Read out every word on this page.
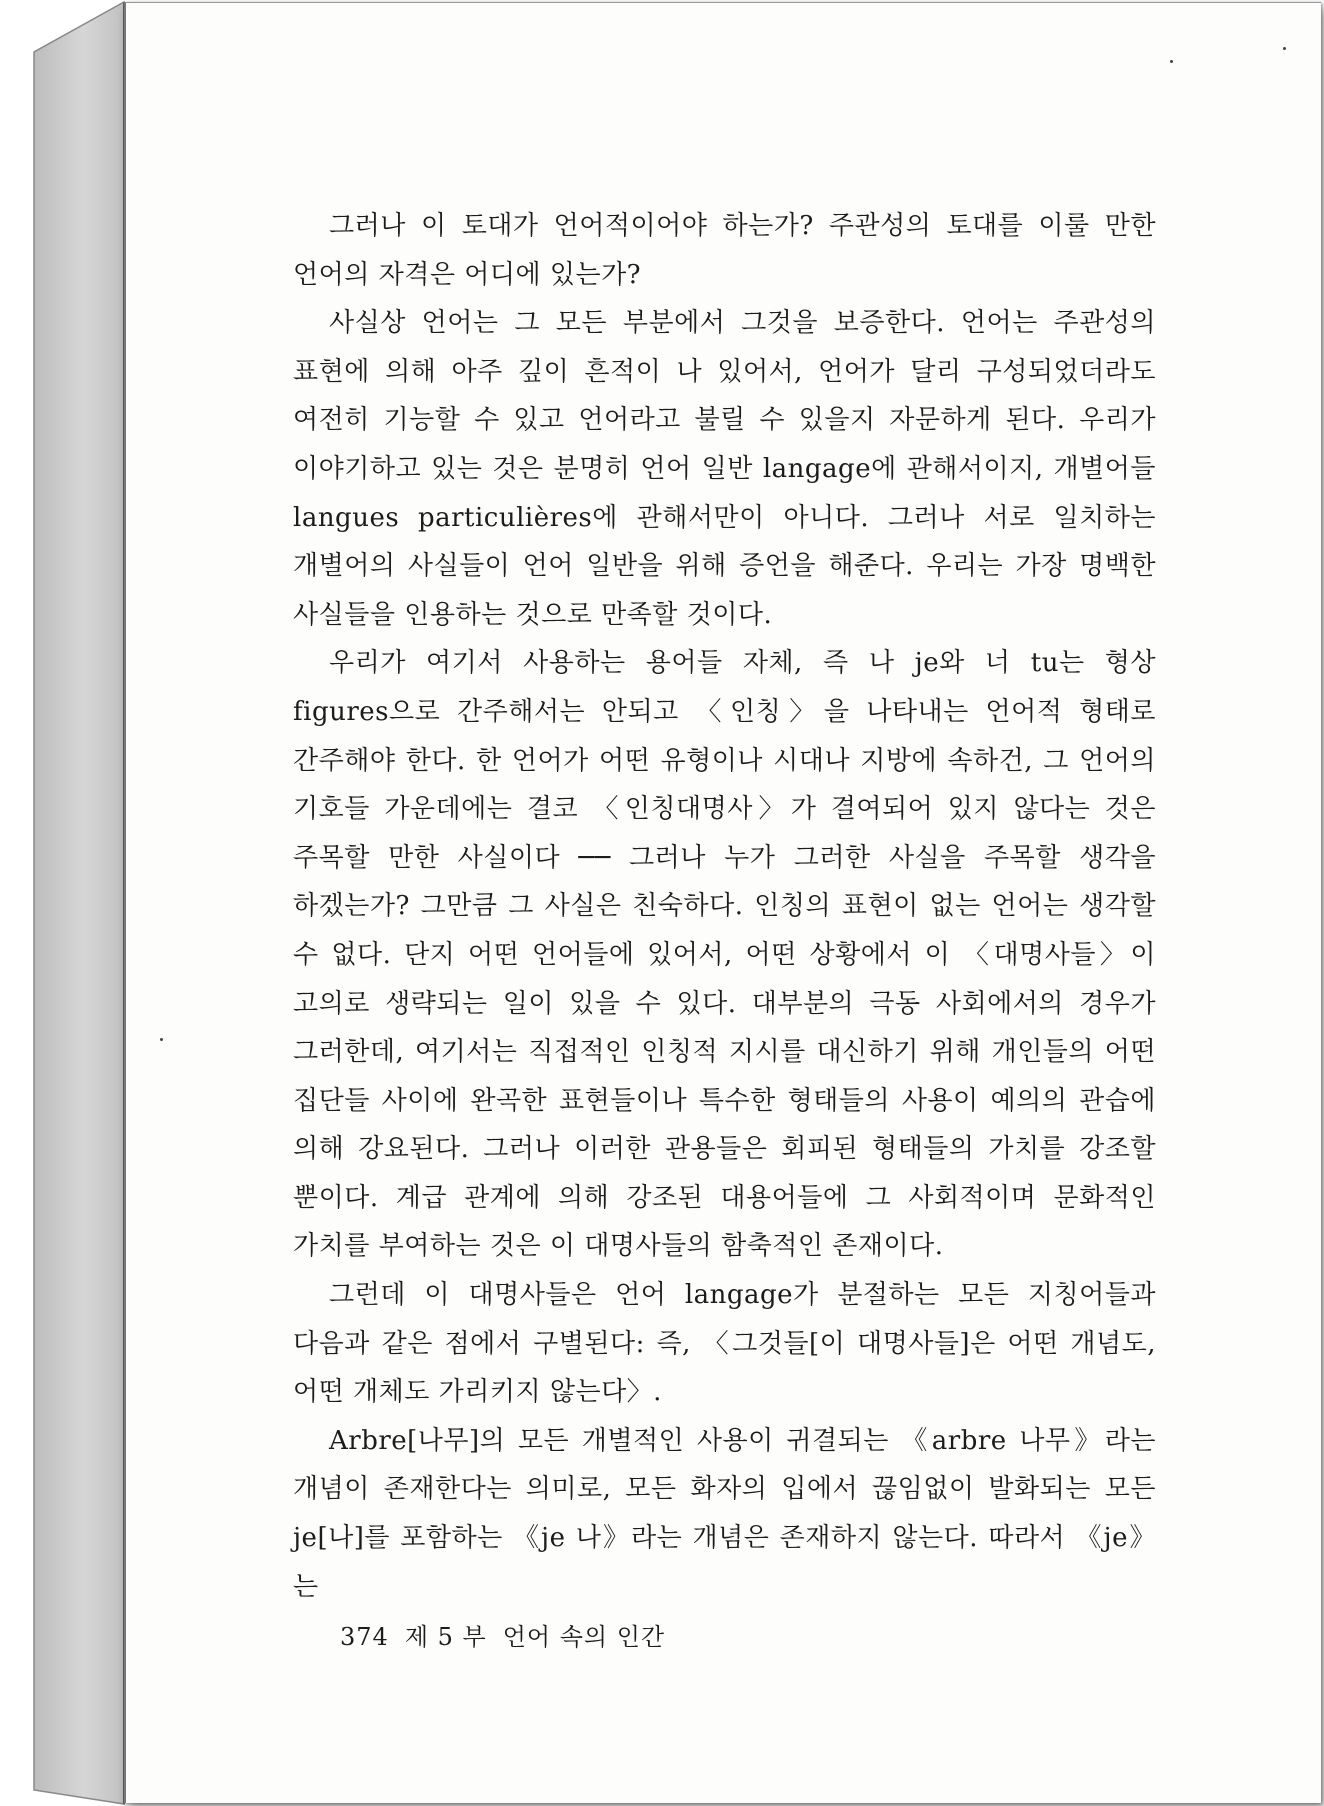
그러나 이 토대가 언어적이어야 하는가? 주관성의 토대를 이룰 만한 언어의 자격은 어디에 있는가?

사실상 언어는 그 모든 부분에서 그것을 보증한다. 언어는 주관성의 표현에 의해 아주 깊이 흔적이 나 있어서, 언어가 달리 구성되었더라도 여전히 기능할 수 있고 언어라고 불릴 수 있을지 자문하게 된다. 우리가 이야기하고 있는 것은 분명히 언어 일반 langage에 관해서이지, 개별어들 langues particulières에 관해서만이 아니다. 그러나 서로 일치하는 개별어의 사실들이 언어 일반을 위해 증언을 해준다. 우리는 가장 명백한 사실들을 인용하는 것으로 만족할 것이다.

우리가 여기서 사용하는 용어들 자체, 즉 나 je와 너 tu는 형상 figures으로 간주해서는 안되고 〈인칭〉을 나타내는 언어적 형태로 간주해야 한다. 한 언어가 어떤 유형이나 시대나 지방에 속하건, 그 언어의 기호들 가운데에는 결코 〈인칭대명사〉가 결여되어 있지 않다는 것은 주목할 만한 사실이다 ── 그러나 누가 그러한 사실을 주목할 생각을 하겠는가? 그만큼 그 사실은 친숙하다. 인칭의 표현이 없는 언어는 생각할 수 없다. 단지 어떤 언어들에 있어서, 어떤 상황에서 이 〈대명사들〉이 고의로 생략되는 일이 있을 수 있다. 대부분의 극동 사회에서의 경우가 그러한데, 여기서는 직접적인 인칭적 지시를 대신하기 위해 개인들의 어떤 집단들 사이에 완곡한 표현들이나 특수한 형태들의 사용이 예의의 관습에 의해 강요된다. 그러나 이러한 관용들은 회피된 형태들의 가치를 강조할 뿐이다. 계급 관계에 의해 강조된 대용어들에 그 사회적이며 문화적인 가치를 부여하는 것은 이 대명사들의 함축적인 존재이다.

그런데 이 대명사들은 언어 langage가 분절하는 모든 지칭어들과 다음과 같은 점에서 구별된다: 즉, 〈그것들[이 대명사들]은 어떤 개념도, 어떤 개체도 가리키지 않는다〉.

Arbre[나무]의 모든 개별적인 사용이 귀결되는 《arbre 나무》라는 개념이 존재한다는 의미로, 모든 화자의 입에서 끊임없이 발화되는 모든 je[나]를 포함하는 《je 나》라는 개념은 존재하지 않는다. 따라서 《je》는

374 제 5 부 언어 속의 인간
